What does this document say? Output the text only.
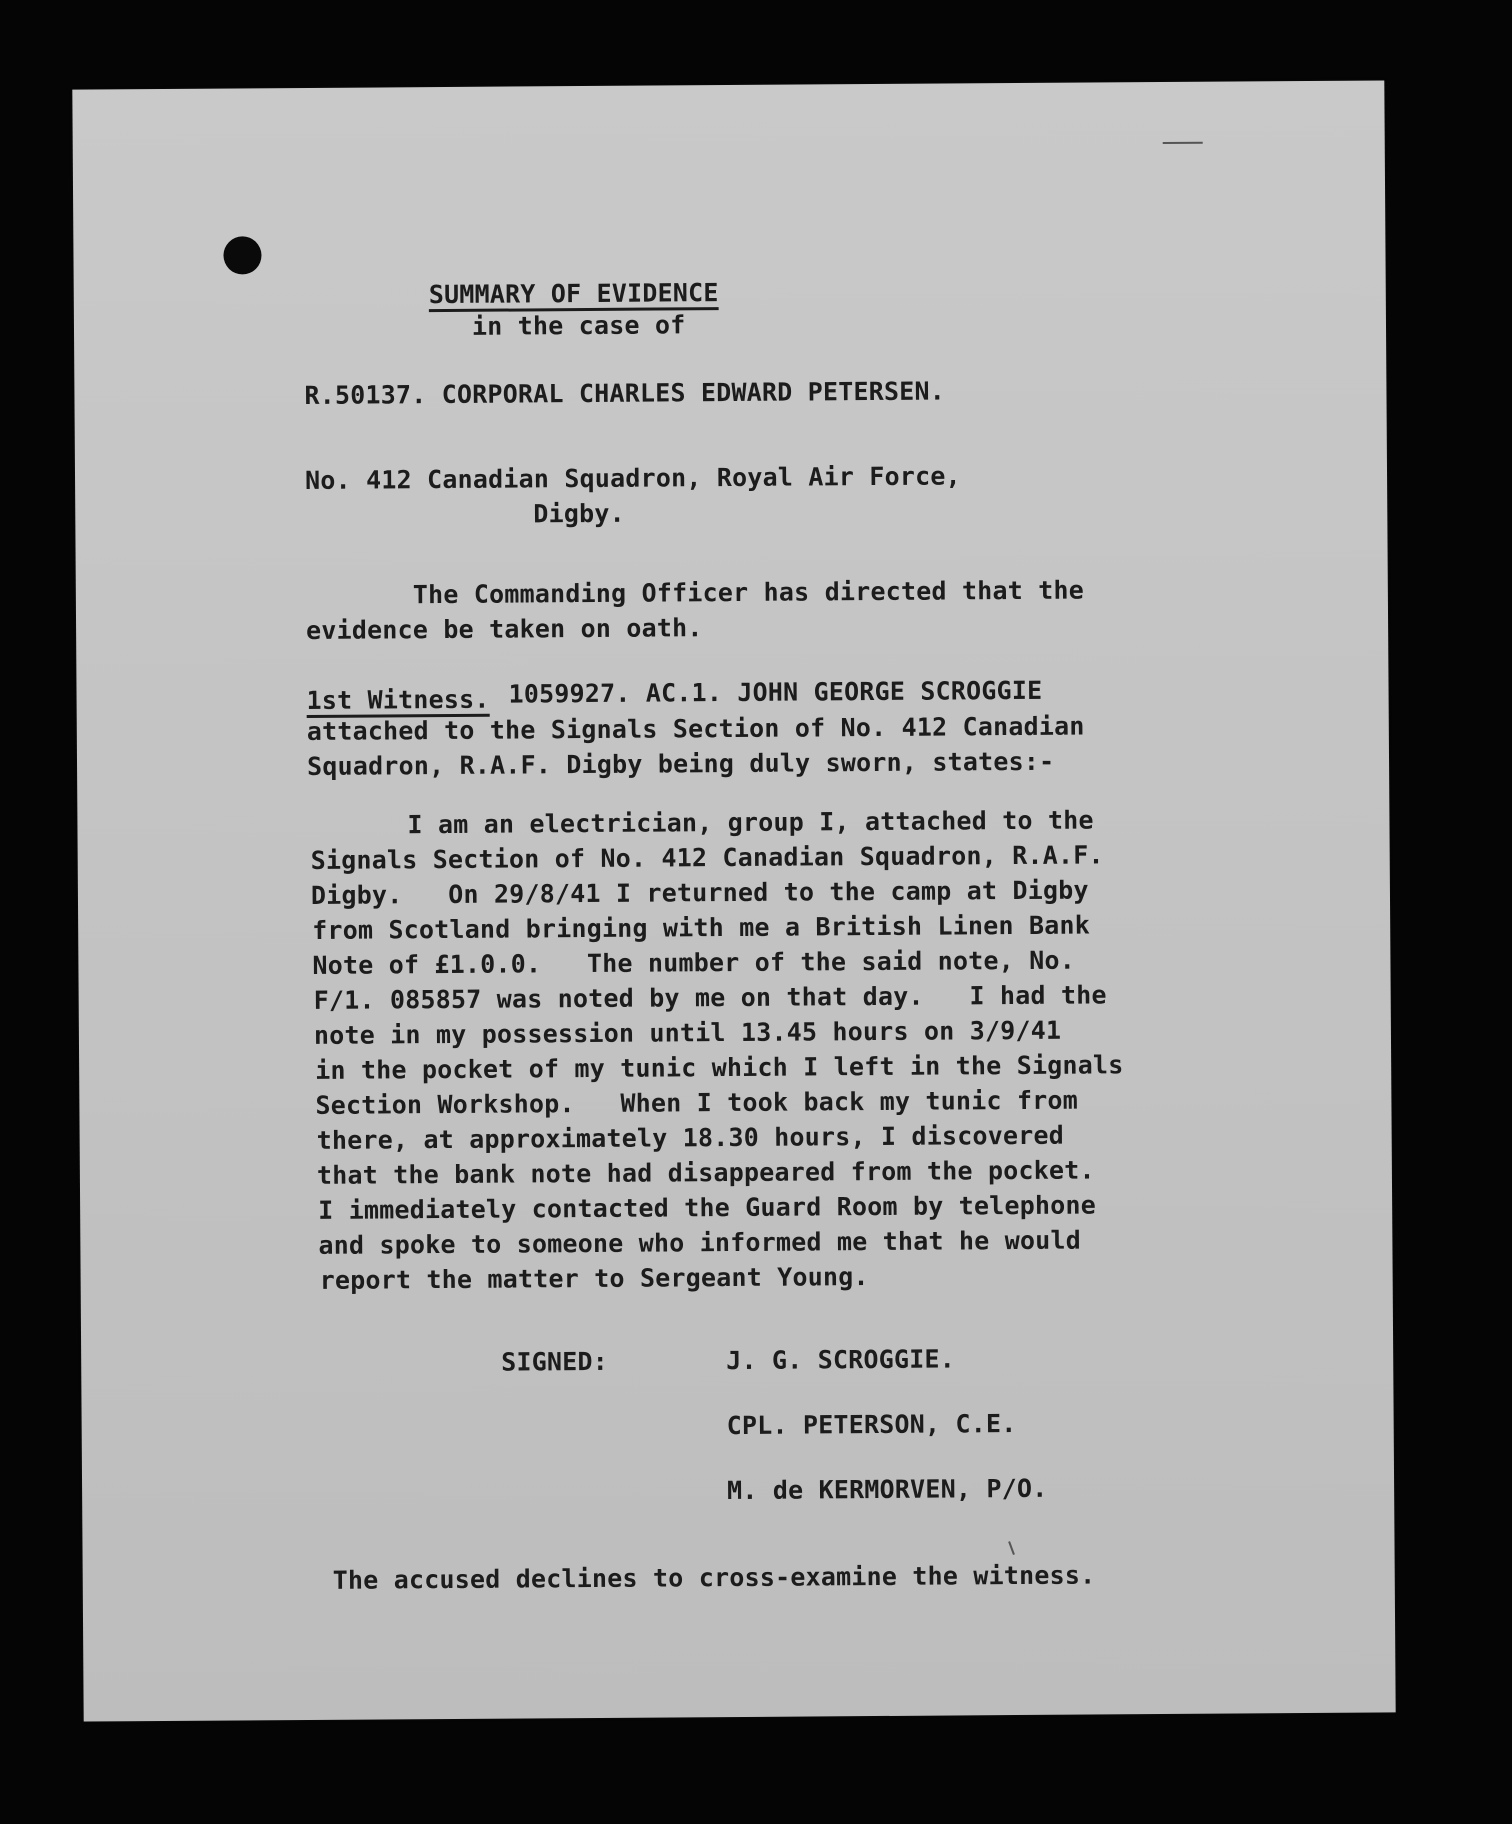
SUMMARY OF EVIDENCE
in the case of
R.50137. CORPORAL CHARLES EDWARD PETERSEN.
No. 412 Canadian Squadron, Royal Air Force,
Digby.
The Commanding Officer has directed that the
evidence be taken on oath.
1st Witness. 1059927. AC.1. JOHN GEORGE SCROGGIE
attached to the Signals Section of No. 412 Canadian
Squadron, R.A.F. Digby being duly sworn, states:-
I am an electrician, group I, attached to the
Signals Section of No. 412 Canadian Squadron, R.A.F.
Digby.   On 29/8/41 I returned to the camp at Digby
from Scotland bringing with me a British Linen Bank
Note of £1.0.0.   The number of the said note, No.
F/1. 085857 was noted by me on that day.   I had the
note in my possession until 13.45 hours on 3/9/41
in the pocket of my tunic which I left in the Signals
Section Workshop.   When I took back my tunic from
there, at approximately 18.30 hours, I discovered
that the bank note had disappeared from the pocket.
I immediately contacted the Guard Room by telephone
and spoke to someone who informed me that he would
report the matter to Sergeant Young.
SIGNED:	J. G. SCROGGIE.
CPL. PETERSON, C.E.
M. de KERMORVEN, P/O.
The accused declines to cross-examine the witness.
